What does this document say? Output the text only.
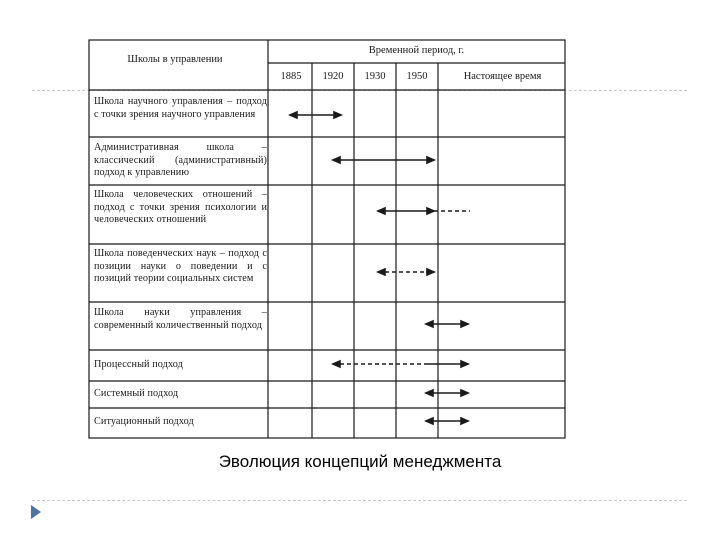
Школы в управлении
Временной период, г.
1885	1920	1930	1950	Настоящее время
Школа научного управления – подход с точки зрения научного управления
Административная школа – классический (административный) подход к управлению
Школа человеческих отношений – подход с точки зрения психологии и человеческих отношений
Школа поведенческих наук – подход с позиции науки о поведении и с позиций теории социальных систем
Школа науки управления – современный количественный подход
Процессный подход
Системный подход
Ситуационный подход
Эволюция концепций менеджмента
